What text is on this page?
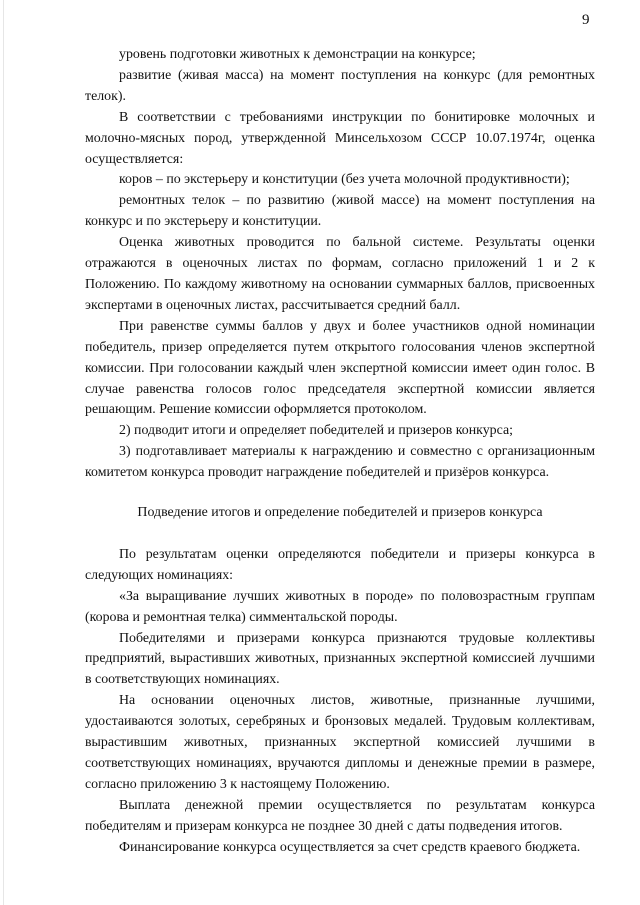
9

уровень подготовки животных к демонстрации на конкурсе;

развитие (живая масса) на момент поступления на конкурс (для ремонтных телок).

В соответствии с требованиями инструкции по бонитировке молочных и молочно-мясных пород, утвержденной Минсельхозом СССР 10.07.1974г, оценка осуществляется:

коров – по экстерьеру и конституции (без учета молочной продуктивности);

ремонтных телок – по развитию (живой массе) на момент поступления на конкурс и по экстерьеру и конституции.

Оценка животных проводится по бальной системе. Результаты оценки отражаются в оценочных листах по формам, согласно приложений 1 и 2 к Положению. По каждому животному на основании суммарных баллов, присвоенных экспертами в оценочных листах, рассчитывается средний балл.

При равенстве суммы баллов у двух и более участников одной номинации победитель, призер определяется путем открытого голосования членов экспертной комиссии. При голосовании каждый член экспертной комиссии имеет один голос. В случае равенства голосов голос председателя экспертной комиссии является решающим. Решение комиссии оформляется протоколом.

2) подводит итоги и определяет победителей и призеров конкурса;

3) подготавливает материалы к награждению и совместно с организационным комитетом конкурса проводит награждение победителей и призёров конкурса.

Подведение итогов и определение победителей и призеров конкурса

По результатам оценки определяются победители и призеры конкурса в следующих номинациях:

«За выращивание лучших животных в породе» по половозрастным группам (корова и ремонтная телка) симментальской породы.

Победителями и призерами конкурса признаются трудовые коллективы предприятий, вырастивших животных, признанных экспертной комиссией лучшими в соответствующих номинациях.

На основании оценочных листов, животные, признанные лучшими, удостаиваются золотых, серебряных и бронзовых медалей. Трудовым коллективам, вырастившим животных, признанных экспертной комиссией лучшими в соответствующих номинациях, вручаются дипломы и денежные премии в размере, согласно приложению 3 к настоящему Положению.

Выплата денежной премии осуществляется по результатам конкурса победителям и призерам конкурса не позднее 30 дней с даты подведения итогов.

Финансирование конкурса осуществляется за счет средств краевого бюджета.
